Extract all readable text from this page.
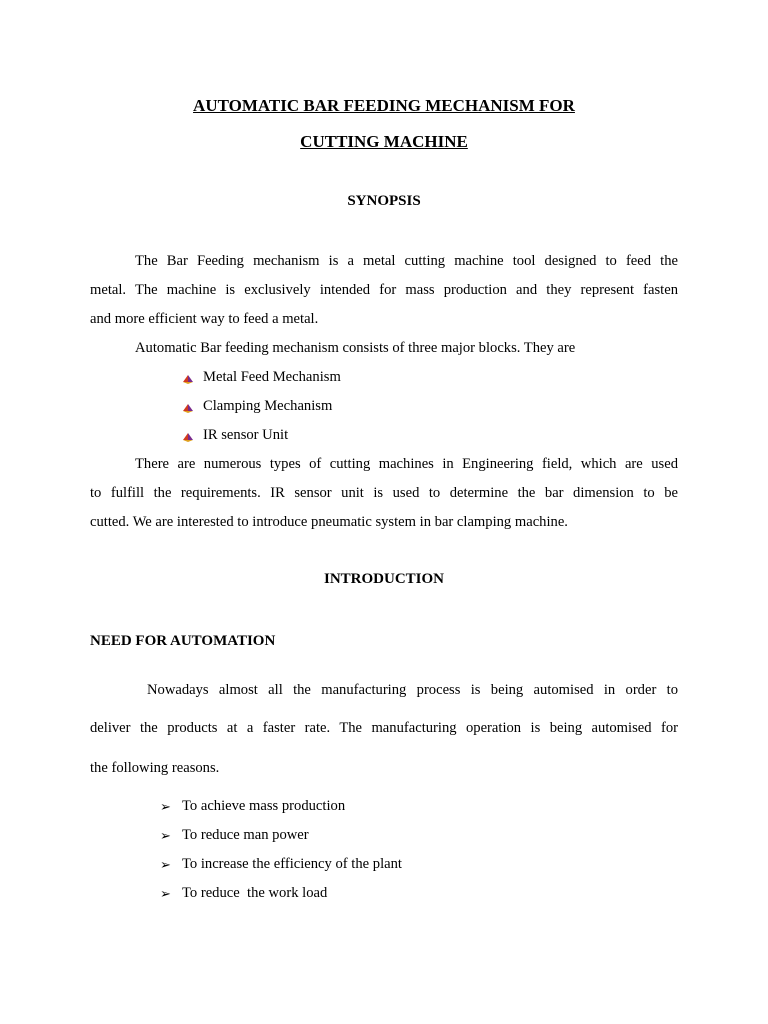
AUTOMATIC BAR FEEDING MECHANISM FOR
CUTTING MACHINE
SYNOPSIS
The Bar Feeding mechanism is a metal cutting machine tool designed to feed the
metal. The machine is exclusively intended for mass production and they represent fasten
and more efficient way to feed a metal.
Automatic Bar feeding mechanism consists of three major blocks. They are
Metal Feed Mechanism
Clamping Mechanism
IR sensor Unit
There are numerous types of cutting machines in Engineering field, which are used
to fulfill the requirements. IR sensor unit is used to determine the bar dimension to be
cutted. We are interested to introduce pneumatic system in bar clamping machine.
INTRODUCTION
NEED FOR AUTOMATION
Nowadays almost all the manufacturing process is being automised in order to
deliver the products at a faster rate. The manufacturing operation is being automised for
the following reasons.
➢ To achieve mass production
➢ To reduce man power
➢ To increase the efficiency of the plant
➢ To reduce  the work load
